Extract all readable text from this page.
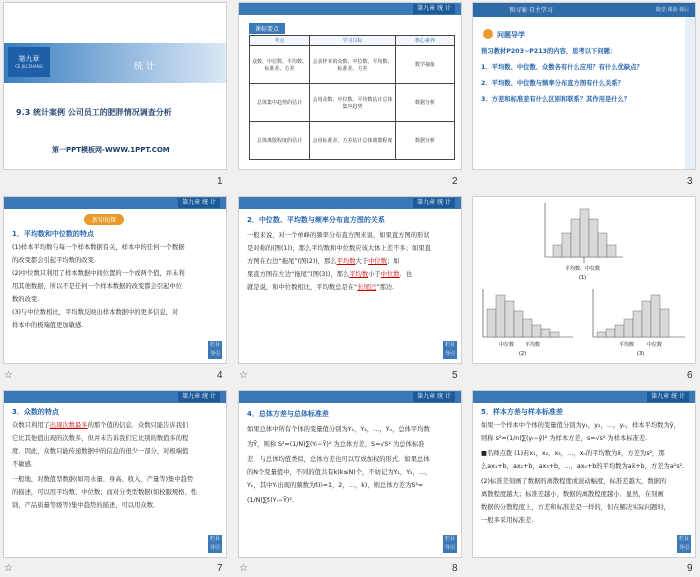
第九章
CE JIU ZHANG	统 计
9.3 统计案例 公司员工的肥胖情况调查分析
第一PPT模板网-WWW.1PPT.COM
1
第九章 统 计
课标要点
考点	学习目标	核心素养
众数、中位数、平均数、标准差、方差	会求样本的众数、中位数、平均数、标准差、方差	数学抽象
总体集中趋势的估计	会用众数、中位数、平均数估计总体集中趋势	数据分析
总体离散程度的估计	会用标准差、方差估计总体离散程度	数据分析
2
预习案·自主学习	随堂·课前·课后
问题导学
预习教材P203~P213的内容，思考以下问题：
1．平均数、中位数、众数各有什么应用？有什么优缺点？
2．平均数、中位数与频率分布直方图有什么关系？
3．方差和标准差有什么区别和联系？其作用是什么？
3
第九章 统 计
新知初探
1．平均数和中位数的特点
(1)样本平均数与每一个样本数据有关，样本中的任何一个数据
的改变都会引起平均数的改变.
(2)中位数只利用了样本数据中间位置的一个或两个值，并未利
用其他数据，所以不是任何一个样本数据的改变都会引起中位
数的改变.
(3)与中位数相比，平均数反映出样本数据中的更多信息，对
样本中的极端值更加敏感.
栏目导引
☆	4
第九章 统 计
2．中位数、平均数与频率分布直方图的关系
一般来说，对一个单峰的频率分布直方图来说，如果直方图的形状
是对称的(图(1))，那么平均数和中位数应该大体上差不多；如果直
方图在右边“拖尾”(图(2))，那么平均数大于中位数；如
果直方图在左边“拖尾”(图(3))，那么平均数小于中位数．也
就是说，和中位数相比，平均数总是在“长尾巴”那边.
栏目导引
☆	5
平均数、中位数
(1)
中位数 平均数
(2)
平均数	中位数
(3)
6
第九章 统 计
3．众数的特点
众数只利用了出现次数最多的那个值的信息．众数只能告诉我们
它比其他值出现的次数多，但并未告诉我们它比别的数值多的程
度．因此，众数只能传递数据中的信息的很少一部分，对极端值
不敏感.
一般地，对数值型数据(如用水量、身高、收入、产量等)集中趋势
的描述，可以用平均数、中位数；而对分类型数据(如校服规格、性
别、产品质量等级等)集中趋势的描述，可以用众数.
栏目导引
☆	7
第九章 统 计
4．总体方差与总体标准差
如果总体中所有个体的变量值分别为Y₁，Y₂，…，Yₙ，总体平均数
为Ȳ，则称 S²=(1/N)∑(Yᵢ−Ȳ)² 为总体方差，S=√S² 为总体标准
差．与总体均值类似，总体方差也可以写成加权的形式．如果总体
的N个变量值中，不同的值共有k(k≤N)个，不妨记为Y₁，Y₂，…，
Yₖ，其中Yᵢ出现的频数为fᵢ(i=1，2，…，k)，则总体方差为S²=
(1/N)∑fᵢ(Yᵢ−Ȳ)².
栏目导引
☆	8
第九章 统 计
5．样本方差与样本标准差
如果一个样本中个体的变量值分别为y₁，y₂，…，yₙ，样本平均数为ȳ，
则称 s²=(1/n)∑(yᵢ−ȳ)² 为样本方差，s=√s² 为样本标准差.
■名师点拨 (1)若x₁，x₂，x₃，…，xₙ的平均数为x̄，方差为s²，那
么ax₁+b，ax₂+b，ax₃+b，…，axₙ+b的平均数为ax̄+b，方差为a²s².
(2)标准差刻画了数据的离散程度或波动幅度，标准差越大，数据的
离散程度越大；标准差越小，数据的离散程度越小．显然，在刻画
数据的分散程度上，方差和标准差是一样的，但在解决实际问题时，
一般多采用标准差.
栏目导引
9
